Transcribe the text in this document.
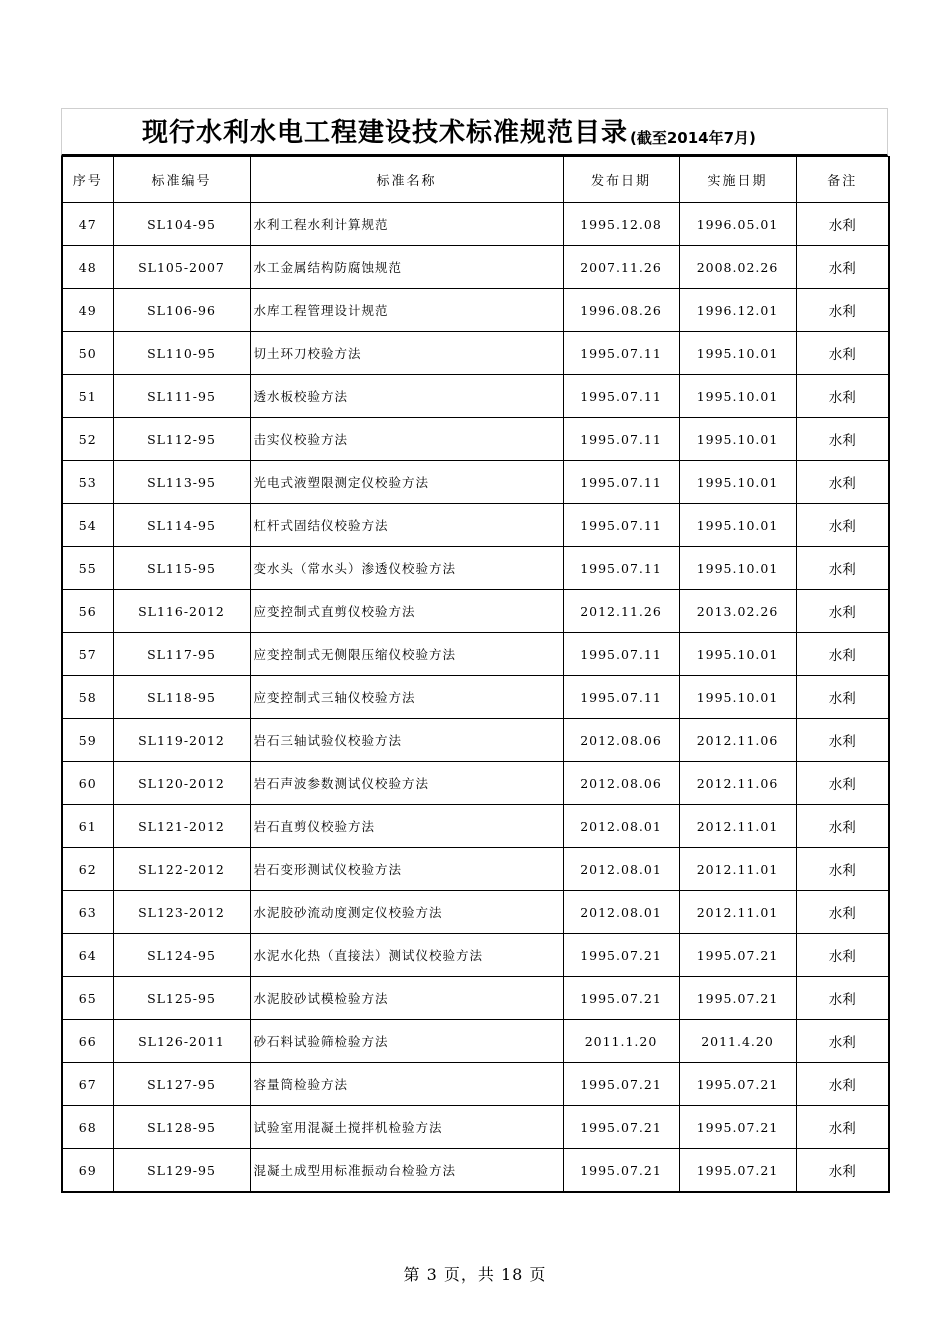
现行水利水电工程建设技术标准规范目录 (截至2014年7月)
序号	标准编号	标准名称	发布日期	实施日期	备注
47	SL104-95	水利工程水利计算规范	1995.12.08	1996.05.01	水利
48	SL105-2007	水工金属结构防腐蚀规范	2007.11.26	2008.02.26	水利
49	SL106-96	水库工程管理设计规范	1996.08.26	1996.12.01	水利
50	SL110-95	切土环刀校验方法	1995.07.11	1995.10.01	水利
51	SL111-95	透水板校验方法	1995.07.11	1995.10.01	水利
52	SL112-95	击实仪校验方法	1995.07.11	1995.10.01	水利
53	SL113-95	光电式液塑限测定仪校验方法	1995.07.11	1995.10.01	水利
54	SL114-95	杠杆式固结仪校验方法	1995.07.11	1995.10.01	水利
55	SL115-95	变水头（常水头）渗透仪校验方法	1995.07.11	1995.10.01	水利
56	SL116-2012	应变控制式直剪仪校验方法	2012.11.26	2013.02.26	水利
57	SL117-95	应变控制式无侧限压缩仪校验方法	1995.07.11	1995.10.01	水利
58	SL118-95	应变控制式三轴仪校验方法	1995.07.11	1995.10.01	水利
59	SL119-2012	岩石三轴试验仪校验方法	2012.08.06	2012.11.06	水利
60	SL120-2012	岩石声波参数测试仪校验方法	2012.08.06	2012.11.06	水利
61	SL121-2012	岩石直剪仪校验方法	2012.08.01	2012.11.01	水利
62	SL122-2012	岩石变形测试仪校验方法	2012.08.01	2012.11.01	水利
63	SL123-2012	水泥胶砂流动度测定仪校验方法	2012.08.01	2012.11.01	水利
64	SL124-95	水泥水化热（直接法）测试仪校验方法	1995.07.21	1995.07.21	水利
65	SL125-95	水泥胶砂试模检验方法	1995.07.21	1995.07.21	水利
66	SL126-2011	砂石料试验筛检验方法	2011.1.20	2011.4.20	水利
67	SL127-95	容量筒检验方法	1995.07.21	1995.07.21	水利
68	SL128-95	试验室用混凝土搅拌机检验方法	1995.07.21	1995.07.21	水利
69	SL129-95	混凝土成型用标准振动台检验方法	1995.07.21	1995.07.21	水利
第 3 页，共 18 页
